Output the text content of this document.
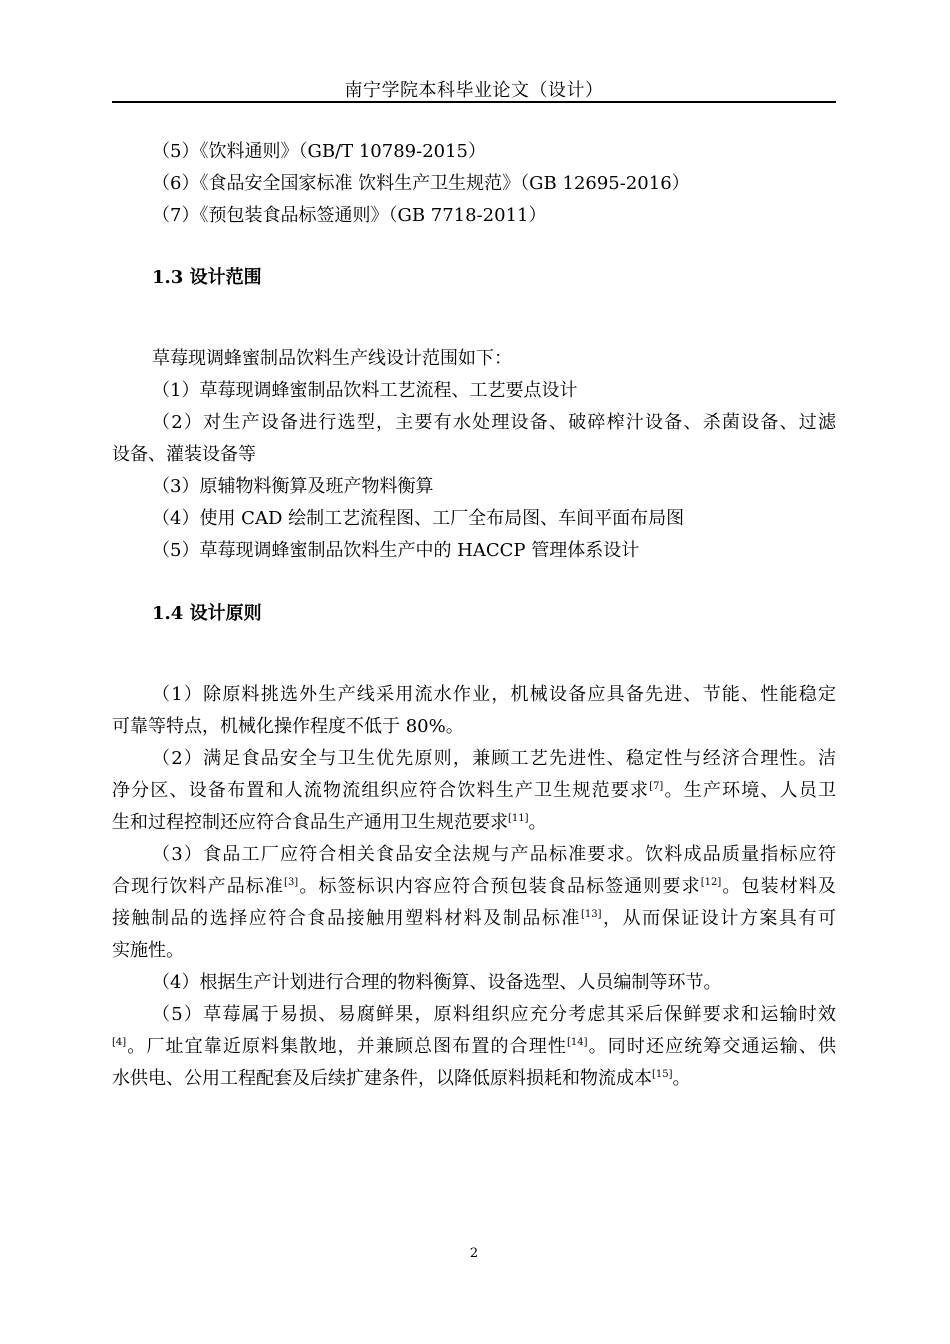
南宁学院本科毕业论文（设计）
（5）《饮料通则》（GB/T 10789-2015）
（6）《食品安全国家标准 饮料生产卫生规范》（GB 12695-2016）
（7）《预包装食品标签通则》（GB 7718-2011）
1.3 设计范围
草莓现调蜂蜜制品饮料生产线设计范围如下：
（1）草莓现调蜂蜜制品饮料工艺流程、工艺要点设计
（2）对生产设备进行选型，主要有水处理设备、破碎榨汁设备、杀菌设备、过滤
设备、灌装设备等
（3）原辅物料衡算及班产物料衡算
（4）使用 CAD 绘制工艺流程图、工厂全布局图、车间平面布局图
（5）草莓现调蜂蜜制品饮料生产中的 HACCP 管理体系设计
1.4 设计原则
（1）除原料挑选外生产线采用流水作业，机械设备应具备先进、节能、性能稳定
可靠等特点，机械化操作程度不低于 80%。
（2）满足食品安全与卫生优先原则，兼顾工艺先进性、稳定性与经济合理性。洁
净分区、设备布置和人流物流组织应符合饮料生产卫生规范要求[7]。生产环境、人员卫
生和过程控制还应符合食品生产通用卫生规范要求[11]。
（3）食品工厂应符合相关食品安全法规与产品标准要求。饮料成品质量指标应符
合现行饮料产品标准[3]。标签标识内容应符合预包装食品标签通则要求[12]。包装材料及
接触制品的选择应符合食品接触用塑料材料及制品标准[13]，从而保证设计方案具有可
实施性。
（4）根据生产计划进行合理的物料衡算、设备选型、人员编制等环节。
（5）草莓属于易损、易腐鲜果，原料组织应充分考虑其采后保鲜要求和运输时效
[4]。厂址宜靠近原料集散地，并兼顾总图布置的合理性[14]。同时还应统筹交通运输、供
水供电、公用工程配套及后续扩建条件，以降低原料损耗和物流成本[15]。
2
